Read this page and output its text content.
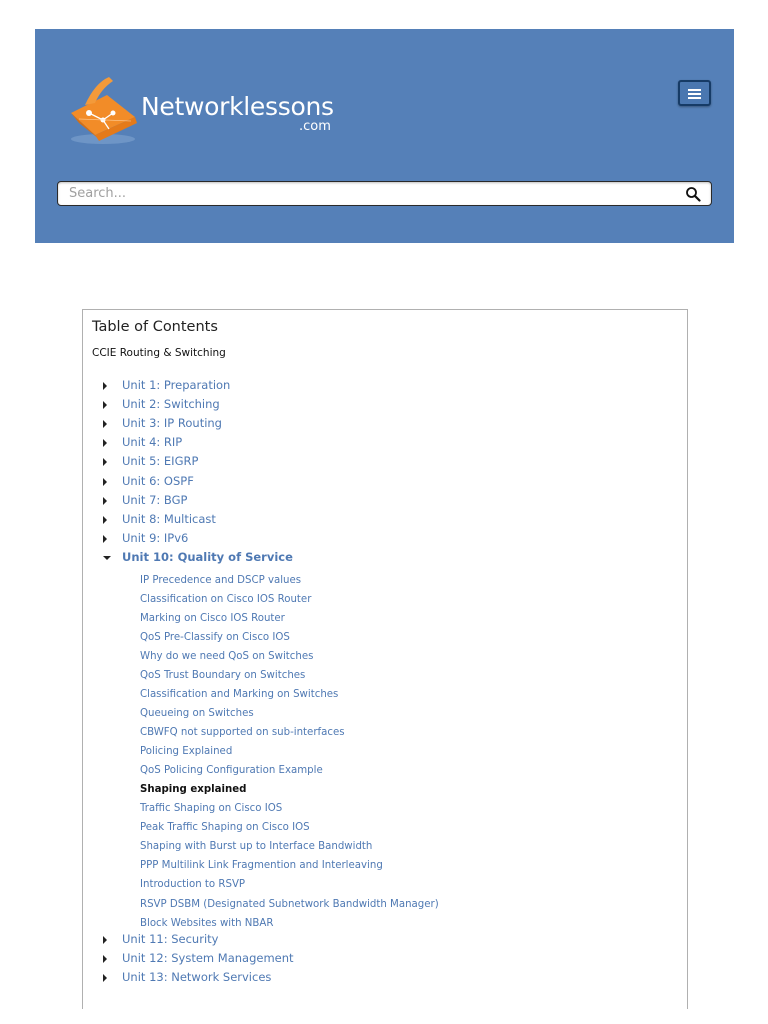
Networklessons
.com
Search...
Table of Contents
CCIE Routing & Switching
Unit 1: Preparation
Unit 2: Switching
Unit 3: IP Routing
Unit 4: RIP
Unit 5: EIGRP
Unit 6: OSPF
Unit 7: BGP
Unit 8: Multicast
Unit 9: IPv6
Unit 10: Quality of Service
IP Precedence and DSCP values
Classification on Cisco IOS Router
Marking on Cisco IOS Router
QoS Pre-Classify on Cisco IOS
Why do we need QoS on Switches
QoS Trust Boundary on Switches
Classification and Marking on Switches
Queueing on Switches
CBWFQ not supported on sub-interfaces
Policing Explained
QoS Policing Configuration Example
Shaping explained
Traffic Shaping on Cisco IOS
Peak Traffic Shaping on Cisco IOS
Shaping with Burst up to Interface Bandwidth
PPP Multilink Link Fragmention and Interleaving
Introduction to RSVP
RSVP DSBM (Designated Subnetwork Bandwidth Manager)
Block Websites with NBAR
Unit 11: Security
Unit 12: System Management
Unit 13: Network Services
